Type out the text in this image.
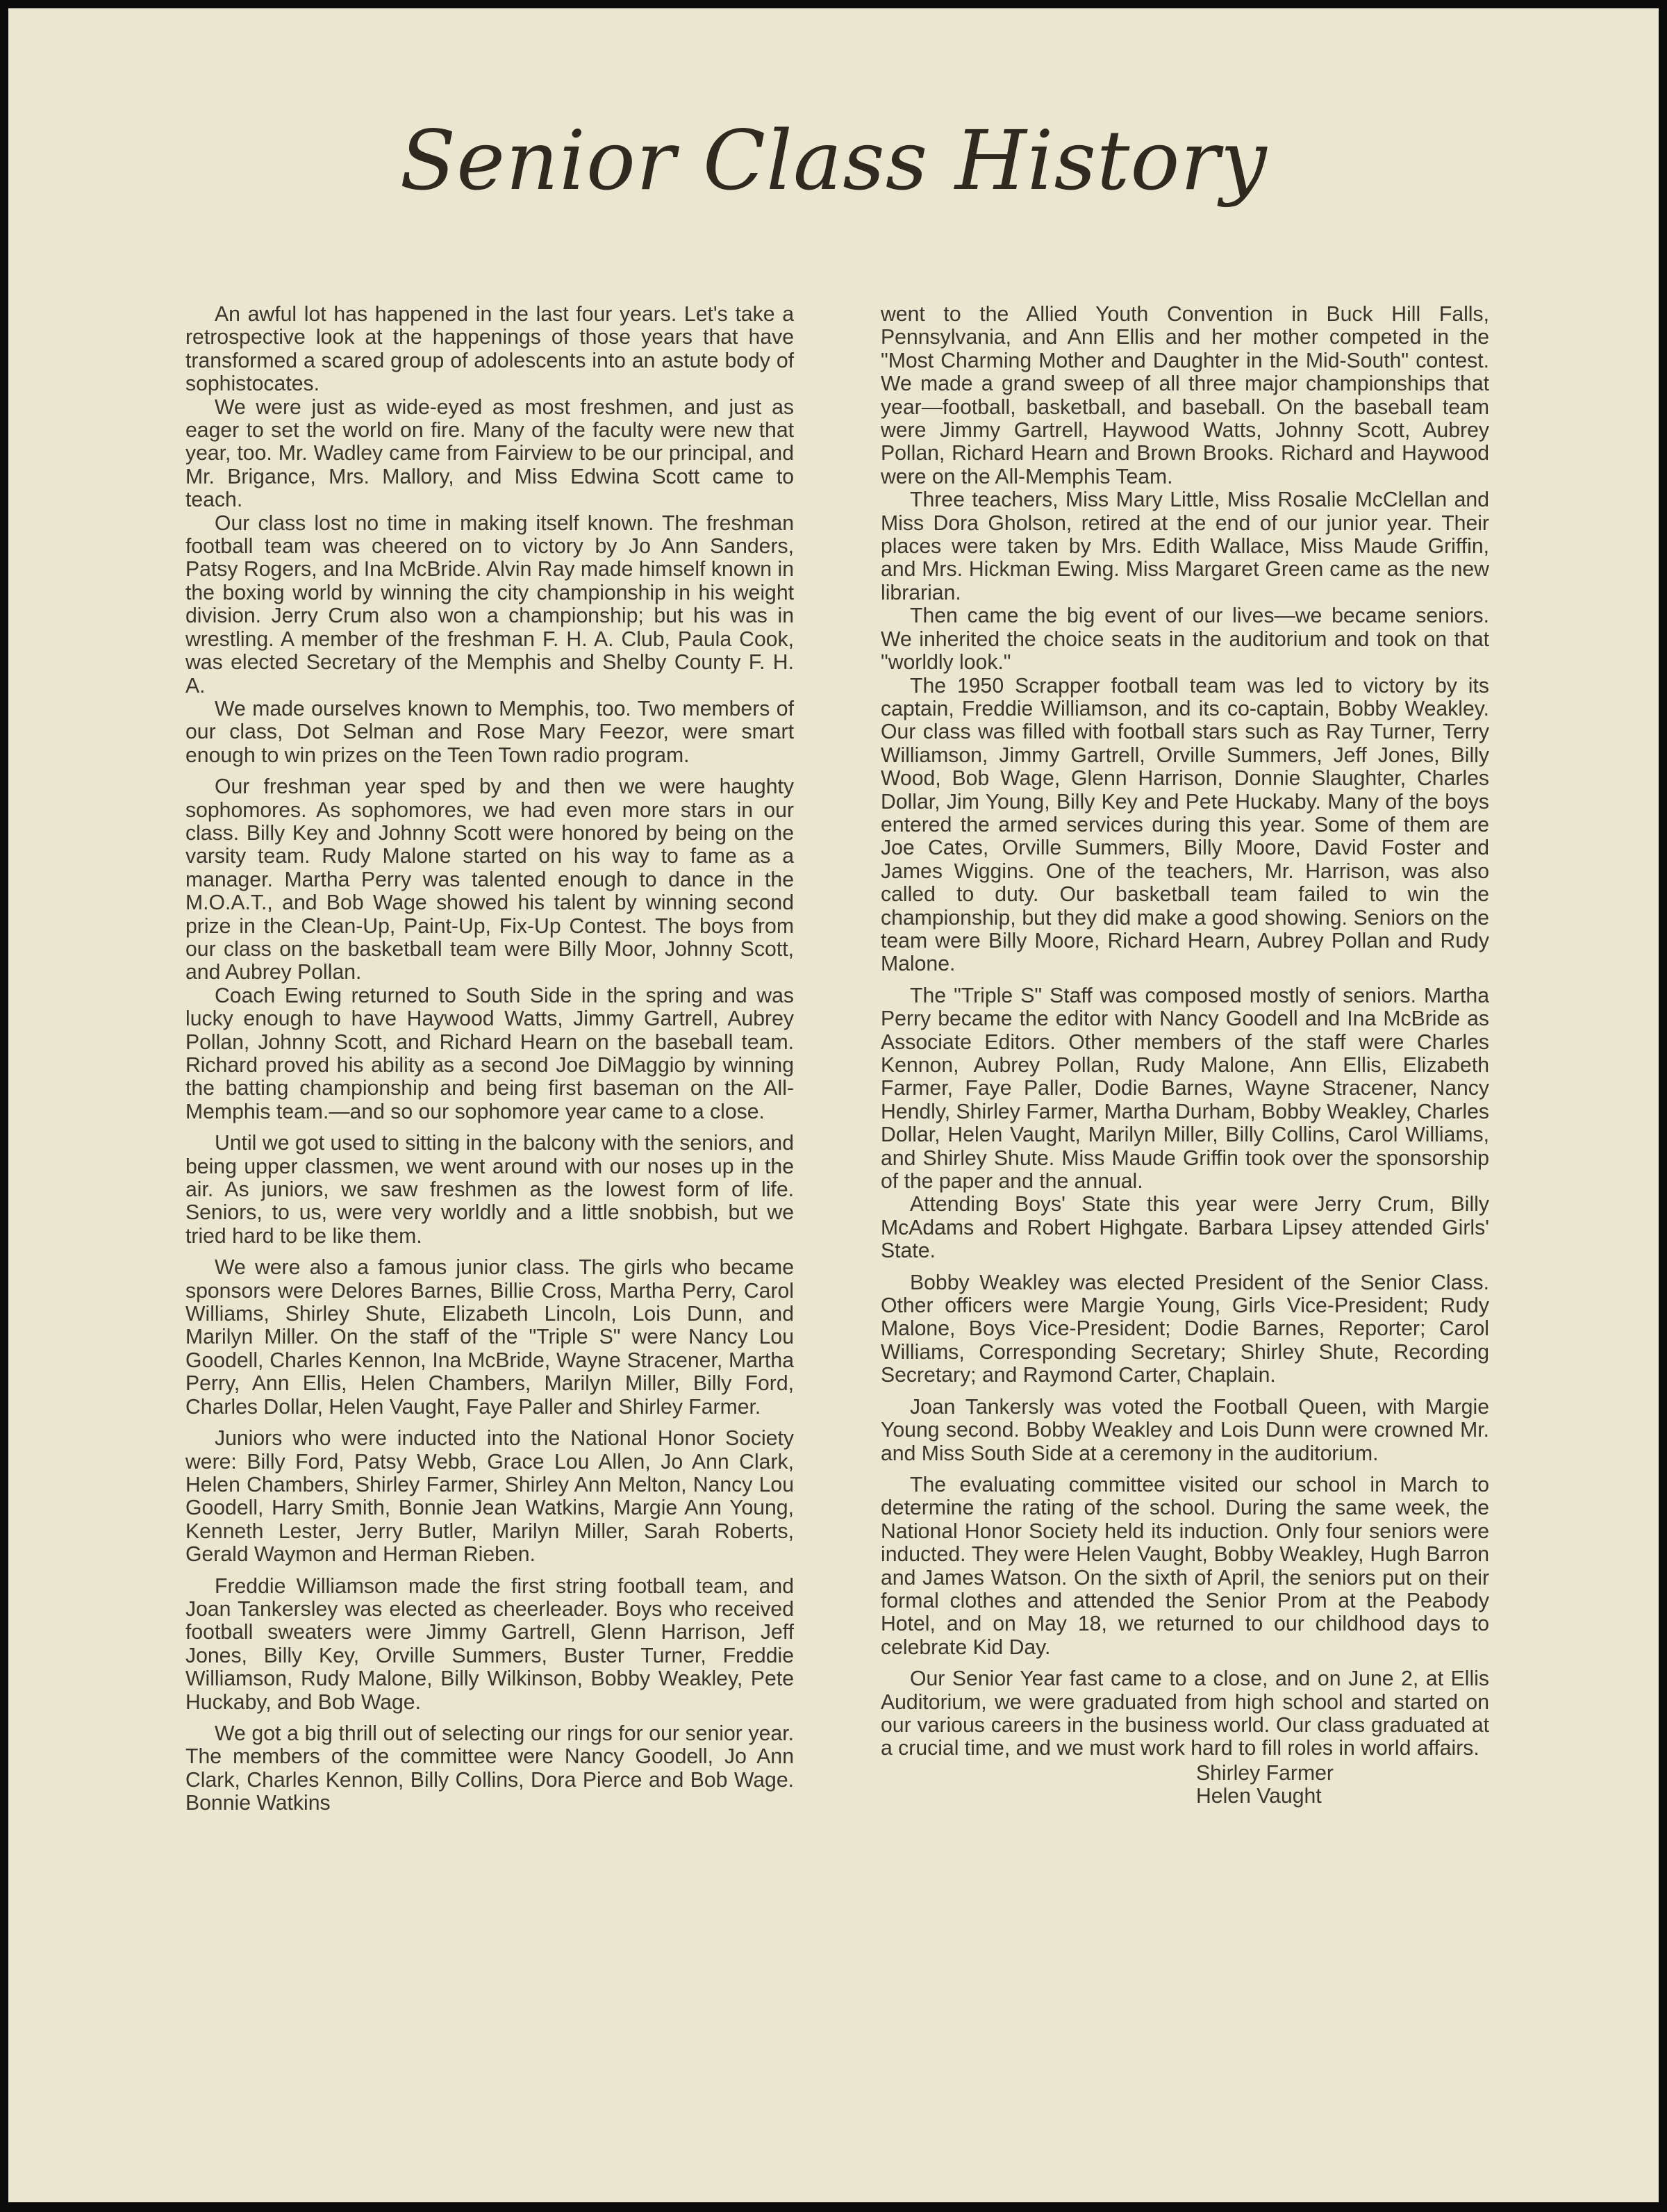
Senior Class History

An awful lot has happened in the last four years. Let's take a retrospective look at the happenings of those years that have transformed a scared group of adolescents into an astute body of sophistocates.

We were just as wide-eyed as most freshmen, and just as eager to set the world on fire. Many of the faculty were new that year, too. Mr. Wadley came from Fairview to be our principal, and Mr. Brigance, Mrs. Mallory, and Miss Edwina Scott came to teach.

Our class lost no time in making itself known. The freshman football team was cheered on to victory by Jo Ann Sanders, Patsy Rogers, and Ina McBride. Alvin Ray made himself known in the boxing world by winning the city championship in his weight division. Jerry Crum also won a championship; but his was in wrestling. A member of the freshman F. H. A. Club, Paula Cook, was elected Secretary of the Memphis and Shelby County F. H. A.

We made ourselves known to Memphis, too. Two members of our class, Dot Selman and Rose Mary Feezor, were smart enough to win prizes on the Teen Town radio program.

Our freshman year sped by and then we were haughty sophomores. As sophomores, we had even more stars in our class. Billy Key and Johnny Scott were honored by being on the varsity team. Rudy Malone started on his way to fame as a manager. Martha Perry was talented enough to dance in the M.O.A.T., and Bob Wage showed his talent by winning second prize in the Clean-Up, Paint-Up, Fix-Up Contest. The boys from our class on the basketball team were Billy Moor, Johnny Scott, and Aubrey Pollan.

Coach Ewing returned to South Side in the spring and was lucky enough to have Haywood Watts, Jimmy Gartrell, Aubrey Pollan, Johnny Scott, and Richard Hearn on the baseball team. Richard proved his ability as a second Joe DiMaggio by winning the batting championship and being first baseman on the All-Memphis team.—and so our sophomore year came to a close.

Until we got used to sitting in the balcony with the seniors, and being upper classmen, we went around with our noses up in the air. As juniors, we saw freshmen as the lowest form of life. Seniors, to us, were very worldly and a little snobbish, but we tried hard to be like them.

We were also a famous junior class. The girls who became sponsors were Delores Barnes, Billie Cross, Martha Perry, Carol Williams, Shirley Shute, Elizabeth Lincoln, Lois Dunn, and Marilyn Miller. On the staff of the "Triple S" were Nancy Lou Goodell, Charles Kennon, Ina McBride, Wayne Stracener, Martha Perry, Ann Ellis, Helen Chambers, Marilyn Miller, Billy Ford, Charles Dollar, Helen Vaught, Faye Paller and Shirley Farmer.

Juniors who were inducted into the National Honor Society were: Billy Ford, Patsy Webb, Grace Lou Allen, Jo Ann Clark, Helen Chambers, Shirley Farmer, Shirley Ann Melton, Nancy Lou Goodell, Harry Smith, Bonnie Jean Watkins, Margie Ann Young, Kenneth Lester, Jerry Butler, Marilyn Miller, Sarah Roberts, Gerald Waymon and Herman Rieben.

Freddie Williamson made the first string football team, and Joan Tankersley was elected as cheerleader. Boys who received football sweaters were Jimmy Gartrell, Glenn Harrison, Jeff Jones, Billy Key, Orville Summers, Buster Turner, Freddie Williamson, Rudy Malone, Billy Wilkinson, Bobby Weakley, Pete Huckaby, and Bob Wage.

We got a big thrill out of selecting our rings for our senior year. The members of the committee were Nancy Goodell, Jo Ann Clark, Charles Kennon, Billy Collins, Dora Pierce and Bob Wage. Bonnie Watkins

went to the Allied Youth Convention in Buck Hill Falls, Pennsylvania, and Ann Ellis and her mother competed in the "Most Charming Mother and Daughter in the Mid-South" contest. We made a grand sweep of all three major championships that year—football, basketball, and baseball. On the baseball team were Jimmy Gartrell, Haywood Watts, Johnny Scott, Aubrey Pollan, Richard Hearn and Brown Brooks. Richard and Haywood were on the All-Memphis Team.

Three teachers, Miss Mary Little, Miss Rosalie McClellan and Miss Dora Gholson, retired at the end of our junior year. Their places were taken by Mrs. Edith Wallace, Miss Maude Griffin, and Mrs. Hickman Ewing. Miss Margaret Green came as the new librarian.

Then came the big event of our lives—we became seniors. We inherited the choice seats in the auditorium and took on that "worldly look."

The 1950 Scrapper football team was led to victory by its captain, Freddie Williamson, and its co-captain, Bobby Weakley. Our class was filled with football stars such as Ray Turner, Terry Williamson, Jimmy Gartrell, Orville Summers, Jeff Jones, Billy Wood, Bob Wage, Glenn Harrison, Donnie Slaughter, Charles Dollar, Jim Young, Billy Key and Pete Huckaby. Many of the boys entered the armed services during this year. Some of them are Joe Cates, Orville Summers, Billy Moore, David Foster and James Wiggins. One of the teachers, Mr. Harrison, was also called to duty. Our basketball team failed to win the championship, but they did make a good showing. Seniors on the team were Billy Moore, Richard Hearn, Aubrey Pollan and Rudy Malone.

The "Triple S" Staff was composed mostly of seniors. Martha Perry became the editor with Nancy Goodell and Ina McBride as Associate Editors. Other members of the staff were Charles Kennon, Aubrey Pollan, Rudy Malone, Ann Ellis, Elizabeth Farmer, Faye Paller, Dodie Barnes, Wayne Stracener, Nancy Hendly, Shirley Farmer, Martha Durham, Bobby Weakley, Charles Dollar, Helen Vaught, Marilyn Miller, Billy Collins, Carol Williams, and Shirley Shute. Miss Maude Griffin took over the sponsorship of the paper and the annual.

Attending Boys' State this year were Jerry Crum, Billy McAdams and Robert Highgate. Barbara Lipsey attended Girls' State.

Bobby Weakley was elected President of the Senior Class. Other officers were Margie Young, Girls Vice-President; Rudy Malone, Boys Vice-President; Dodie Barnes, Reporter; Carol Williams, Corresponding Secretary; Shirley Shute, Recording Secretary; and Raymond Carter, Chaplain.

Joan Tankersly was voted the Football Queen, with Margie Young second. Bobby Weakley and Lois Dunn were crowned Mr. and Miss South Side at a ceremony in the auditorium.

The evaluating committee visited our school in March to determine the rating of the school. During the same week, the National Honor Society held its induction. Only four seniors were inducted. They were Helen Vaught, Bobby Weakley, Hugh Barron and James Watson. On the sixth of April, the seniors put on their formal clothes and attended the Senior Prom at the Peabody Hotel, and on May 18, we returned to our childhood days to celebrate Kid Day.

Our Senior Year fast came to a close, and on June 2, at Ellis Auditorium, we were graduated from high school and started on our various careers in the business world. Our class graduated at a crucial time, and we must work hard to fill roles in world affairs.

Shirley Farmer
Helen Vaught
